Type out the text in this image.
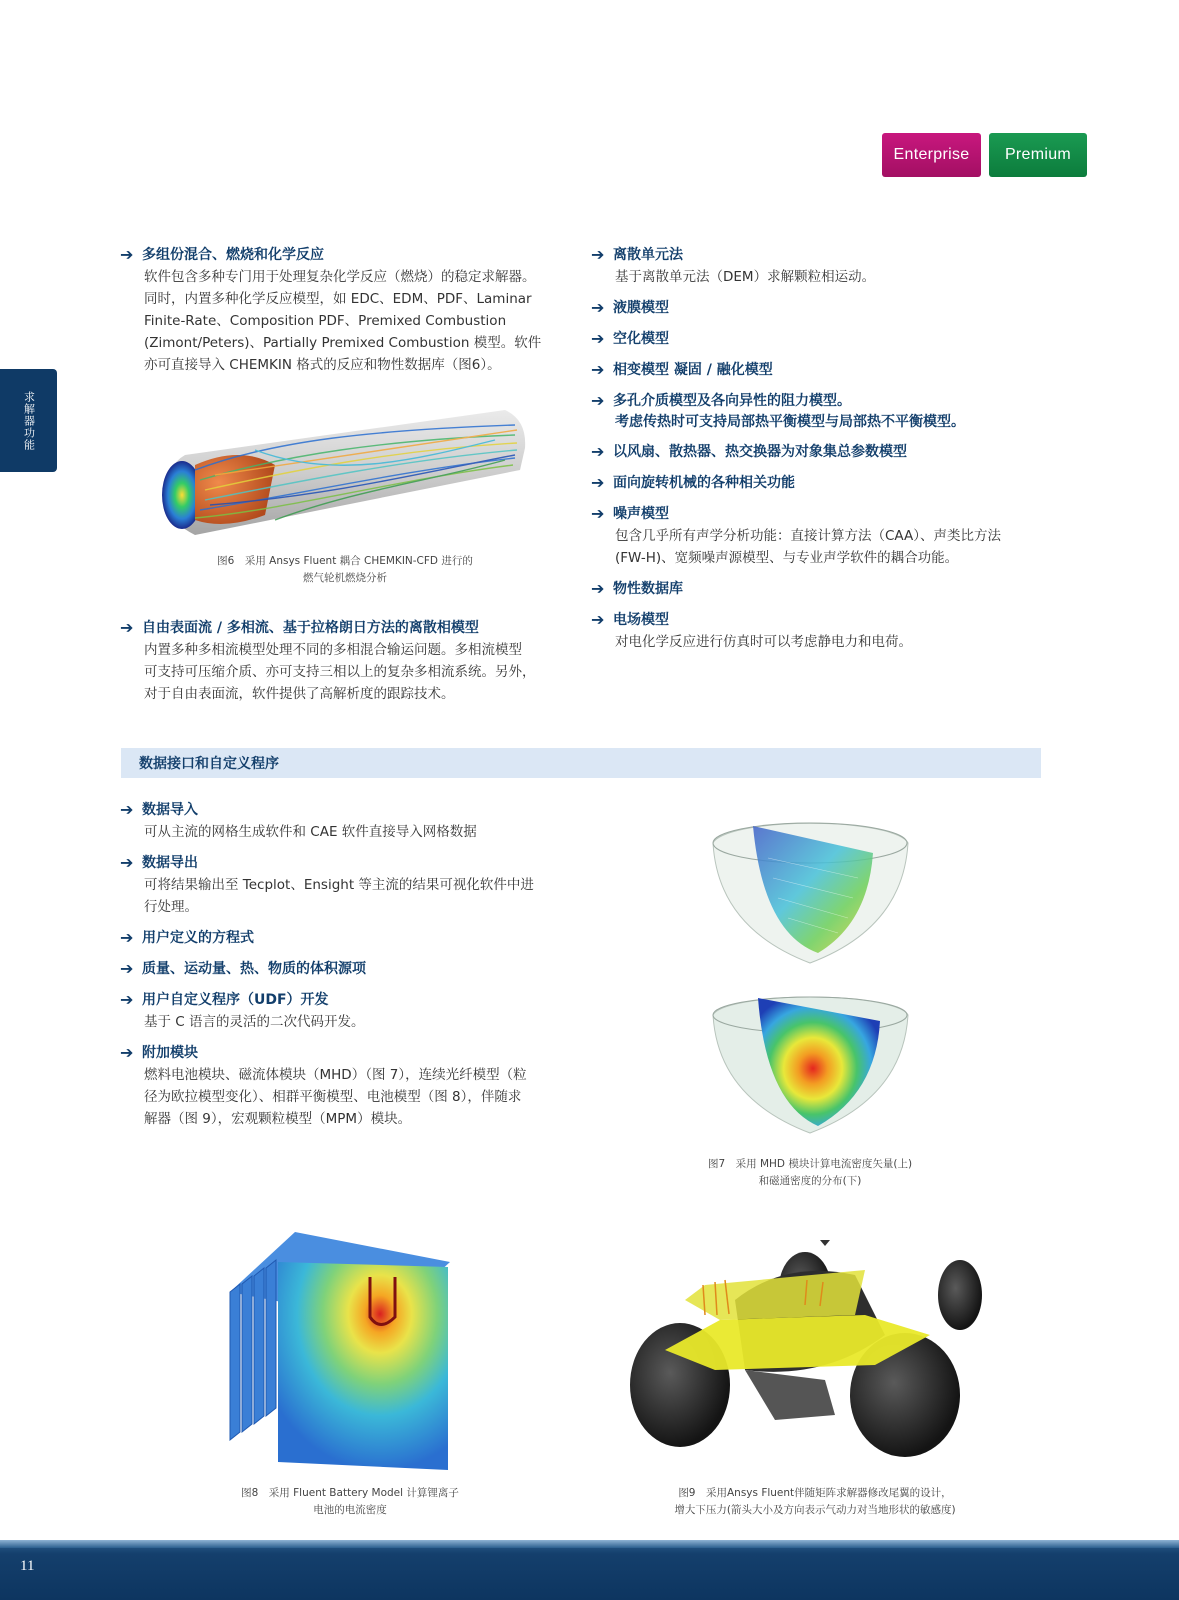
Enterprise	Premium
求解器功能
➔ 多组份混合、燃烧和化学反应
软件包含多种专门用于处理复杂化学反应（燃烧）的稳定求解器。
同时，内置多种化学反应模型，如 EDC、EDM、PDF、Laminar
Finite-Rate、Composition PDF、Premixed Combustion
(Zimont/Peters)、Partially Premixed Combustion 模型。软件
亦可直接导入 CHEMKIN 格式的反应和物性数据库（图6）。
图6　采用 Ansys Fluent 耦合 CHEMKIN-CFD 进行的
燃气轮机燃烧分析
➔ 自由表面流 / 多相流、基于拉格朗日方法的离散相模型
内置多种多相流模型处理不同的多相混合输运问题。多相流模型
可支持可压缩介质、亦可支持三相以上的复杂多相流系统。另外，
对于自由表面流，软件提供了高解析度的跟踪技术。
➔ 离散单元法
基于离散单元法（DEM）求解颗粒相运动。
➔ 液膜模型
➔ 空化模型
➔ 相变模型 凝固 / 融化模型
➔ 多孔介质模型及各向异性的阻力模型。
考虑传热时可支持局部热平衡模型与局部热不平衡模型。
➔ 以风扇、散热器、热交换器为对象集总参数模型
➔ 面向旋转机械的各种相关功能
➔ 噪声模型
包含几乎所有声学分析功能：直接计算方法（CAA）、声类比方法
(FW-H)、宽频噪声源模型、与专业声学软件的耦合功能。
➔ 物性数据库
➔ 电场模型
对电化学反应进行仿真时可以考虑静电力和电荷。
数据接口和自定义程序
➔ 数据导入
可从主流的网格生成软件和 CAE 软件直接导入网格数据
➔ 数据导出
可将结果输出至 Tecplot、Ensight 等主流的结果可视化软件中进
行处理。
➔ 用户定义的方程式
➔ 质量、运动量、热、物质的体积源项
➔ 用户自定义程序（UDF）开发
基于 C 语言的灵活的二次代码开发。
➔ 附加模块
燃料电池模块、磁流体模块（MHD）（图 7），连续光纤模型（粒
径为欧拉模型变化）、相群平衡模型、电池模型（图 8），伴随求
解器（图 9），宏观颗粒模型（MPM）模块。
图7　采用 MHD 模块计算电流密度矢量(上)
和磁通密度的分布(下)
图8　采用 Fluent Battery Model 计算锂离子
电池的电流密度
图9　采用Ansys Fluent伴随矩阵求解器修改尾翼的设计，
增大下压力(箭头大小及方向表示气动力对当地形状的敏感度)
11
